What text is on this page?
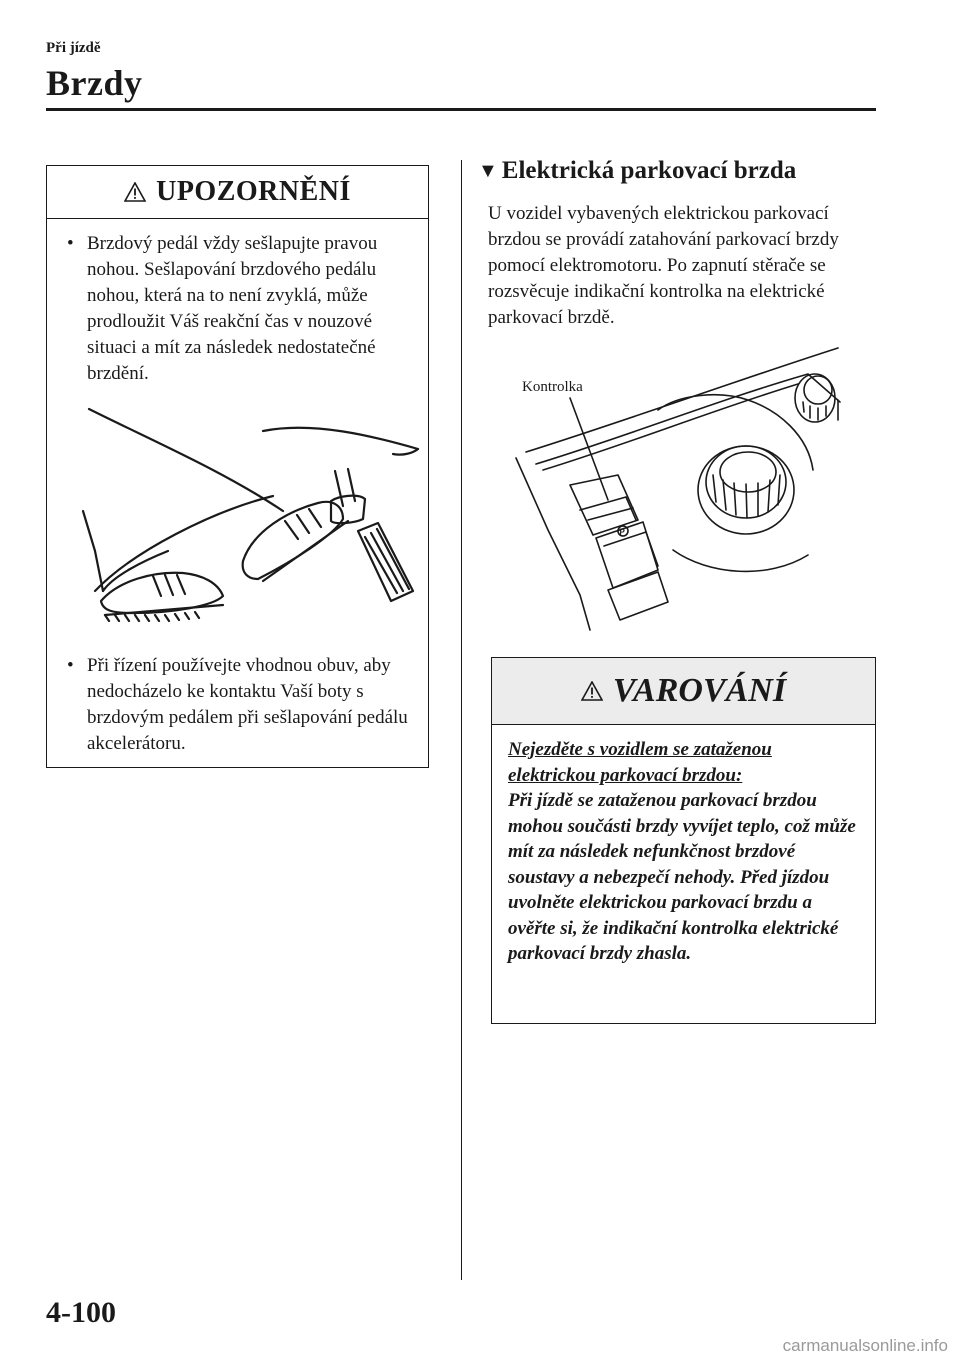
Při jízdě
Brzdy
UPOZORNĚNÍ
• Brzdový pedál vždy sešlapujte pravou nohou. Sešlapování brzdového pedálu nohou, která na to není zvyklá, může prodloužit Váš reakční čas v nouzové situaci a mít za následek nedostatečné brzdění.
• Při řízení používejte vhodnou obuv, aby nedocházelo ke kontaktu Vaší boty s brzdovým pedálem při sešlapování pedálu akcelerátoru.
▼ Elektrická parkovací brzda
U vozidel vybavených elektrickou parkovací brzdou se provádí zatahování parkovací brzdy pomocí elektromotoru. Po zapnutí stěrače se rozsvěcuje indikační kontrolka na elektrické parkovací brzdě.
Kontrolka
P
VAROVÁNÍ
Nejezděte s vozidlem se zataženou elektrickou parkovací brzdou:
Při jízdě se zataženou parkovací brzdou mohou součásti brzdy vyvíjet teplo, což může mít za následek nefunkčnost brzdové soustavy a nebezpečí nehody. Před jízdou uvolněte elektrickou parkovací brzdu a ověřte si, že indikační kontrolka elektrické parkovací brzdy zhasla.
4-100
carmanualsonline.info
